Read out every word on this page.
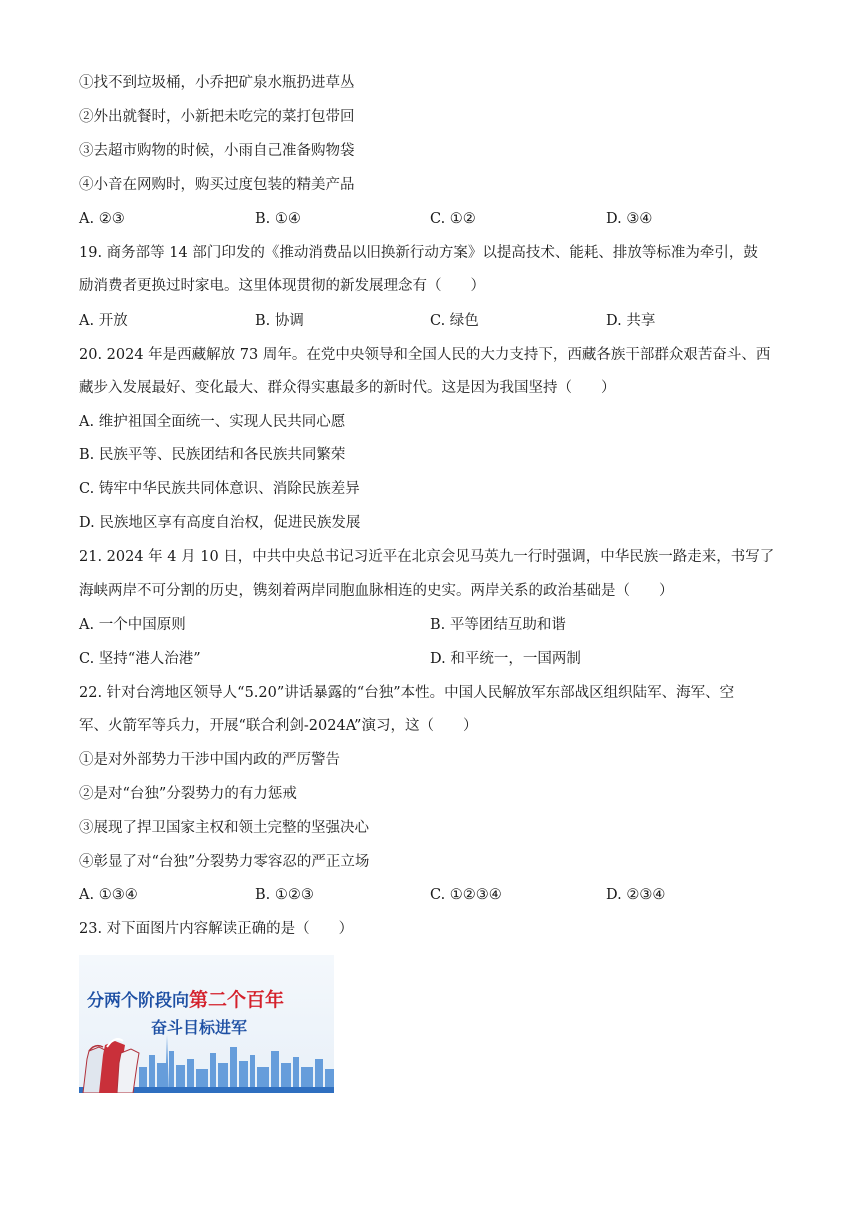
①找不到垃圾桶，小乔把矿泉水瓶扔进草丛
②外出就餐时，小新把未吃完的菜打包带回
③去超市购物的时候，小雨自己准备购物袋
④小音在网购时，购买过度包装的精美产品
A. ②③	B. ①④	C. ①②	D. ③④
19. 商务部等 14 部门印发的《推动消费品以旧换新行动方案》以提高技术、能耗、排放等标准为牵引，鼓
励消费者更换过时家电。这里体现贯彻的新发展理念有（　　）
A. 开放	B. 协调	C. 绿色	D. 共享
20. 2024 年是西藏解放 73 周年。在党中央领导和全国人民的大力支持下，西藏各族干部群众艰苦奋斗、西
藏步入发展最好、变化最大、群众得实惠最多的新时代。这是因为我国坚持（　　）
A. 维护祖国全面统一、实现人民共同心愿
B. 民族平等、民族团结和各民族共同繁荣
C. 铸牢中华民族共同体意识、消除民族差异
D. 民族地区享有高度自治权，促进民族发展
21. 2024 年 4 月 10 日，中共中央总书记习近平在北京会见马英九一行时强调，中华民族一路走来，书写了
海峡两岸不可分割的历史，镌刻着两岸同胞血脉相连的史实。两岸关系的政治基础是（　　）
A. 一个中国原则	B. 平等团结互助和谐
C. 坚持“港人治港”	D. 和平统一，一国两制
22. 针对台湾地区领导人“5.20”讲话暴露的“台独”本性。中国人民解放军东部战区组织陆军、海军、空
军、火箭军等兵力，开展“联合利剑-2024A”演习，这（　　）
①是对外部势力干涉中国内政的严厉警告
②是对“台独”分裂势力的有力惩戒
③展现了捍卫国家主权和领土完整的坚强决心
④彰显了对“台独”分裂势力零容忍的严正立场
A. ①③④	B. ①②③	C. ①②③④	D. ②③④
23. 对下面图片内容解读正确的是（　　）
分两个阶段向第二个百年
奋斗目标进军
